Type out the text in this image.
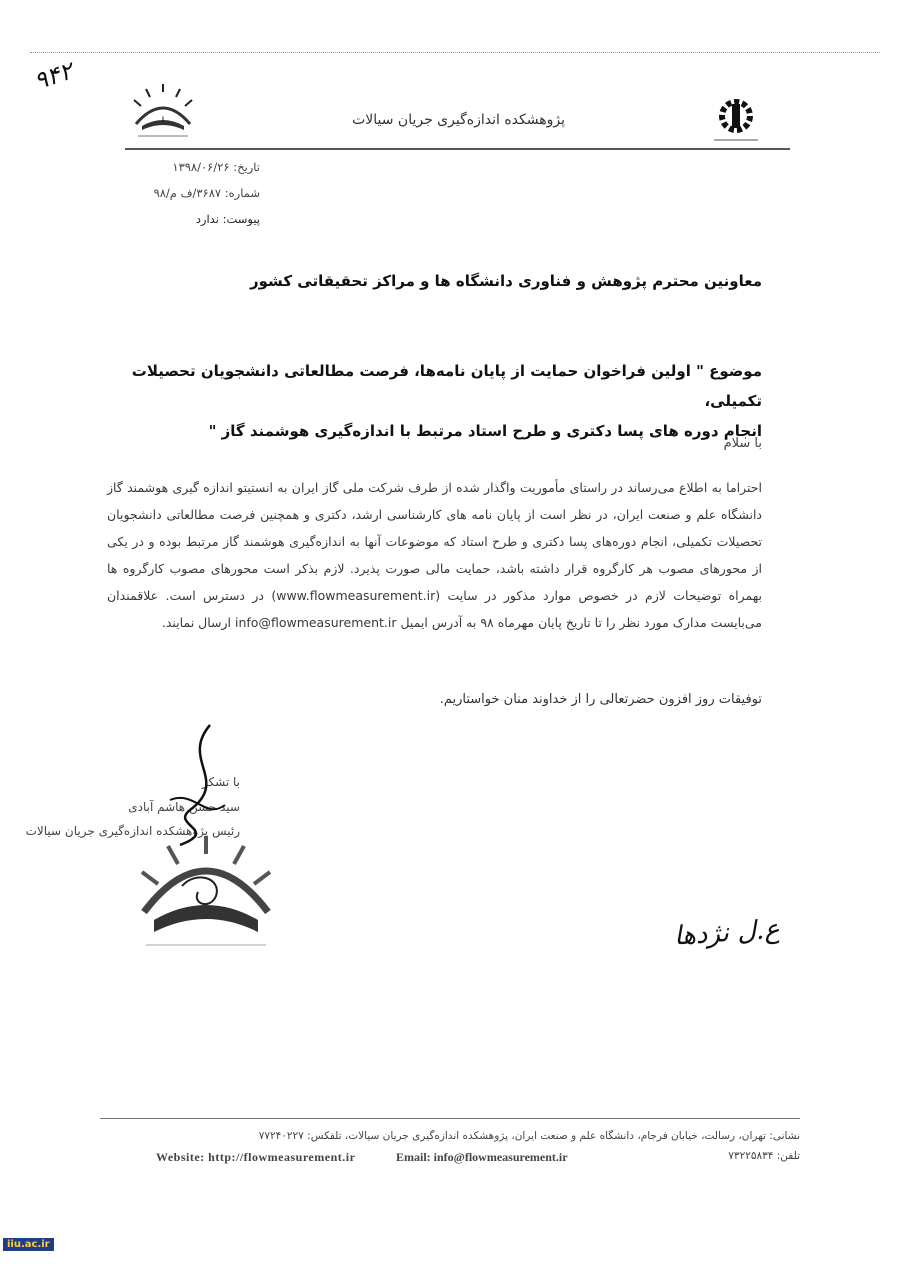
۹۴۲
ı	پژوهشکده اندازه‌گیری جریان سیالات
تاریخ: ۱۳۹۸/۰۶/۲۶
شماره: ۳۶۸۷/ف م/۹۸
پیوست: ندارد
معاونین محترم پژوهش و فناوری دانشگاه ها و مراکز تحقیقاتی کشور
موضوع " اولین فراخوان حمایت از پایان نامه‌ها، فرصت مطالعاتی دانشجویان تحصیلات تکمیلی،
انجام دوره های پسا دکتری و طرح استاد مرتبط با اندازه‌گیری هوشمند گاز "
با سلام
احتراما به اطلاع می‌رساند در راستای مأموریت واگذار شده از طرف شرکت ملی گاز ایران به انستیتو اندازه گیری هوشمند گاز دانشگاه علم و صنعت ایران، در نظر است از پایان نامه های کارشناسی ارشد، دکتری و همچنین فرصت مطالعاتی دانشجویان تحصیلات تکمیلی، انجام دوره‌های پسا دکتری و طرح استاد که موضوعات آنها به اندازه‌گیری هوشمند گاز مرتبط بوده و در یکی از محورهای مصوب هر کارگروه قرار داشته باشد، حمایت مالی صورت پذیرد. لازم بذکر است محورهای مصوب کارگروه ها بهمراه توضیحات لازم در خصوص موارد مذکور در سایت (www.flowmeasurement.ir) در دسترس است. علاقمندان می‌بایست مدارک مورد نظر را تا تاریخ پایان مهرماه ۹۸ به آدرس ایمیل info@flowmeasurement.ir ارسال نمایند.
توفیقات روز افزون حضرتعالی را از خداوند منان خواستاریم.
با تشکر
سید حسن هاشم آبادی
رئیس پژوهشکده اندازه‌گیری جریان سیالات
ع.ل نژدها
نشانی: تهران، رسالت، خیابان فرجام، دانشگاه علم و صنعت ایران، پژوهشکده اندازه‌گیری جریان سیالات، تلفکس: ۷۷۲۴۰۲۲۷
Website: http://flowmeasurement.ir	Email: info@flowmeasurement.ir	تلفن: ۷۳۲۲۵۸۳۴
iiu.ac.ir
